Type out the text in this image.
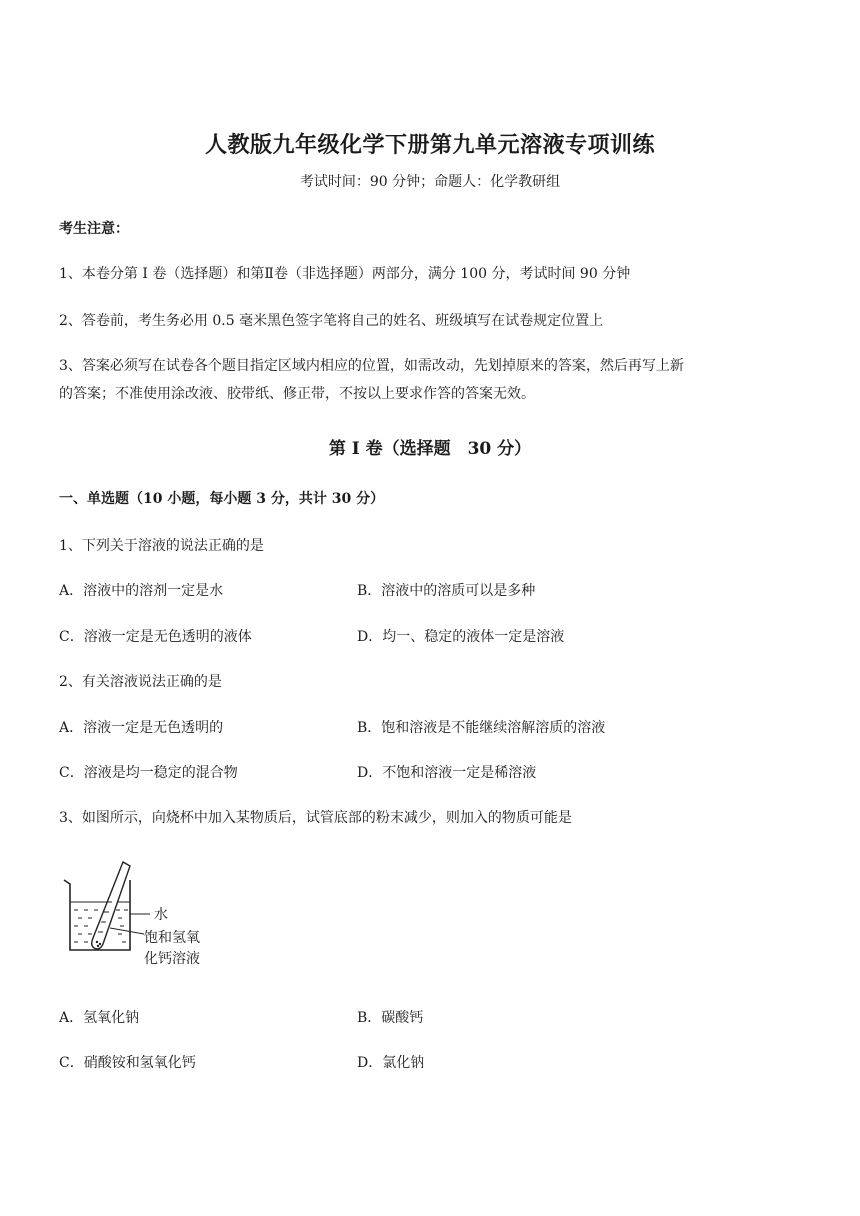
人教版九年级化学下册第九单元溶液专项训练
考试时间：90 分钟；命题人：化学教研组
考生注意：
1、本卷分第 I 卷（选择题）和第Ⅱ卷（非选择题）两部分，满分 100 分，考试时间 90 分钟
2、答卷前，考生务必用 0.5 毫米黑色签字笔将自己的姓名、班级填写在试卷规定位置上
3、答案必须写在试卷各个题目指定区域内相应的位置，如需改动，先划掉原来的答案，然后再写上新
的答案；不准使用涂改液、胶带纸、修正带，不按以上要求作答的答案无效。
第 I 卷（选择题　30 分）
一、单选题（10 小题，每小题 3 分，共计 30 分）
1、下列关于溶液的说法正确的是
A．溶液中的溶剂一定是水	B．溶液中的溶质可以是多种
C．溶液一定是无色透明的液体	D．均一、稳定的液体一定是溶液
2、有关溶液说法正确的是
A．溶液一定是无色透明的	B．饱和溶液是不能继续溶解溶质的溶液
C．溶液是均一稳定的混合物	D．不饱和溶液一定是稀溶液
3、如图所示，向烧杯中加入某物质后，试管底部的粉末减少，则加入的物质可能是
水
饱和氢氧
化钙溶液
A．氢氧化钠	B．碳酸钙
C．硝酸铵和氢氧化钙	D．氯化钠
